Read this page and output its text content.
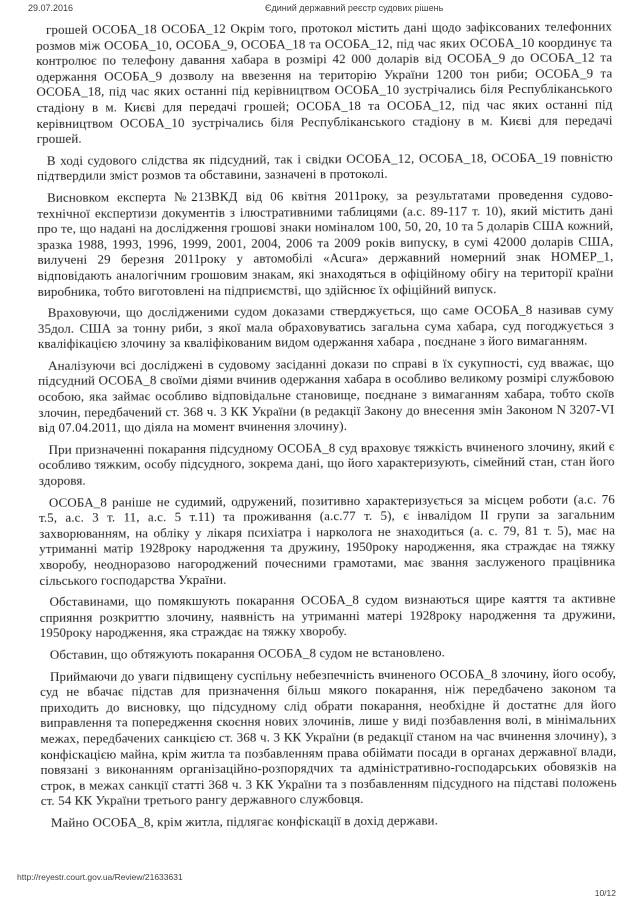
29.07.2016	Єдиний державний реєстр судових рішень

грошей ОСОБА_18 ОСОБА_12 Окрім того, протокол містить дані щодо зафіксованих телефонних розмов між ОСОБА_10, ОСОБА_9, ОСОБА_18 та ОСОБА_12, під час яких ОСОБА_10 координує та контролює по телефону давання хабара в розмірі 42 000 доларів від ОСОБА_9 до ОСОБА_12 та одержання ОСОБА_9 дозволу на ввезення на територію України 1200 тон риби; ОСОБА_9 та ОСОБА_18, під час яких останні під керівництвом ОСОБА_10 зустрічались біля Республіканського стадіону в м. Києві для передачі грошей; ОСОБА_18 та ОСОБА_12, під час яких останні під керівництвом ОСОБА_10 зустрічались біля Республіканського стадіону в м. Києві для передачі грошей.

В ході судового слідства як підсудний, так і свідки ОСОБА_12, ОСОБА_18, ОСОБА_19 повністю підтвердили зміст розмов та обставини, зазначені в протоколі.

Висновком експерта №213ВКД від 06 квітня 2011року, за результатами проведення судово-технічної експертизи документів з ілюстративними таблицями (а.с. 89-117 т. 10), який містить дані про те, що надані на дослідження грошові знаки номіналом 100, 50, 20, 10 та 5 доларів США кожний, зразка 1988, 1993, 1996, 1999, 2001, 2004, 2006 та 2009 років випуску, в сумі 42000 доларів США, вилучені 29 березня 2011року у автомобілі «Acura» державний номерний знак НОМЕР_1, відповідають аналогічним грошовим знакам, які знаходяться в офіційному обігу на території країни виробника, тобто виготовлені на підприємстві, що здійснює їх офіційний випуск.

Враховуючи, що дослідженими судом доказами стверджується, що саме ОСОБА_8 називав суму 35дол. США за тонну риби, з якої мала обраховуватись загальна сума хабара, суд погоджується з кваліфікацією злочину за кваліфікованим видом одержання хабара , поєднане з його вимаганням.

Аналізуючи всі досліджені в судовому засіданні докази по справі в їх сукупності, суд вважає, що підсудний ОСОБА_8 своїми діями вчинив одержання хабара в особливо великому розмірі службовою особою, яка займає особливо відповідальне становище, поєднане з вимаганням хабара, тобто скоїв злочин, передбачений ст. 368 ч. 3 КК України (в редакції Закону до внесення змін Законом N 3207-VI від 07.04.2011, що діяла на момент вчинення злочину).

При призначенні покарання підсудному ОСОБА_8 суд враховує тяжкість вчиненого злочину, який є особливо тяжким, особу підсудного, зокрема дані, що його характеризують, сімейний стан, стан його здоровя.

ОСОБА_8 раніше не судимий, одружений, позитивно характеризується за місцем роботи (а.с. 76 т.5, а.с. 3 т. 11, а.с. 5 т.11) та проживання (а.с.77 т. 5), є інвалідом II групи за загальним захворюванням, на обліку у лікаря психіатра і нарколога не знаходиться (а. с. 79, 81 т. 5), має на утриманні матір 1928року народження та дружину, 1950року народження, яка страждає на тяжку хворобу, неодноразово нагороджений почесними грамотами, має звання заслуженого працівника сільського господарства України.

Обставинами, що помякшують покарання ОСОБА_8 судом визнаються щире каяття та активне сприяння розкриттю злочину, наявність на утриманні матері 1928року народження та дружини, 1950року народження, яка страждає на тяжку хворобу.

Обставин, що обтяжують покарання ОСОБА_8 судом не встановлено.

Приймаючи до уваги підвищену суспільну небезпечність вчиненого ОСОБА_8 злочину, його особу, суд не вбачає підстав для призначення більш мякого покарання, ніж передбачено законом та приходить до висновку, що підсудному слід обрати покарання, необхідне й достатнє для його виправлення та попередження скоєння нових злочинів, лише у виді позбавлення волі, в мінімальних межах, передбачених санкцією ст. 368 ч. 3 КК України (в редакції станом на час вчинення злочину), з конфіскацією майна, крім житла та позбавленням права обіймати посади в органах державної влади, повязані з виконанням організаційно-розпорядчих та адміністративно-господарських обовязків на строк, в межах санкції статті 368 ч. 3 КК України та з позбавленням підсудного на підставі положень ст. 54 КК України третього рангу державного службовця.

Майно ОСОБА_8, крім житла, підлягає конфіскації в дохід держави.

http://reyestr.court.gov.ua/Review/21633631
10/12
